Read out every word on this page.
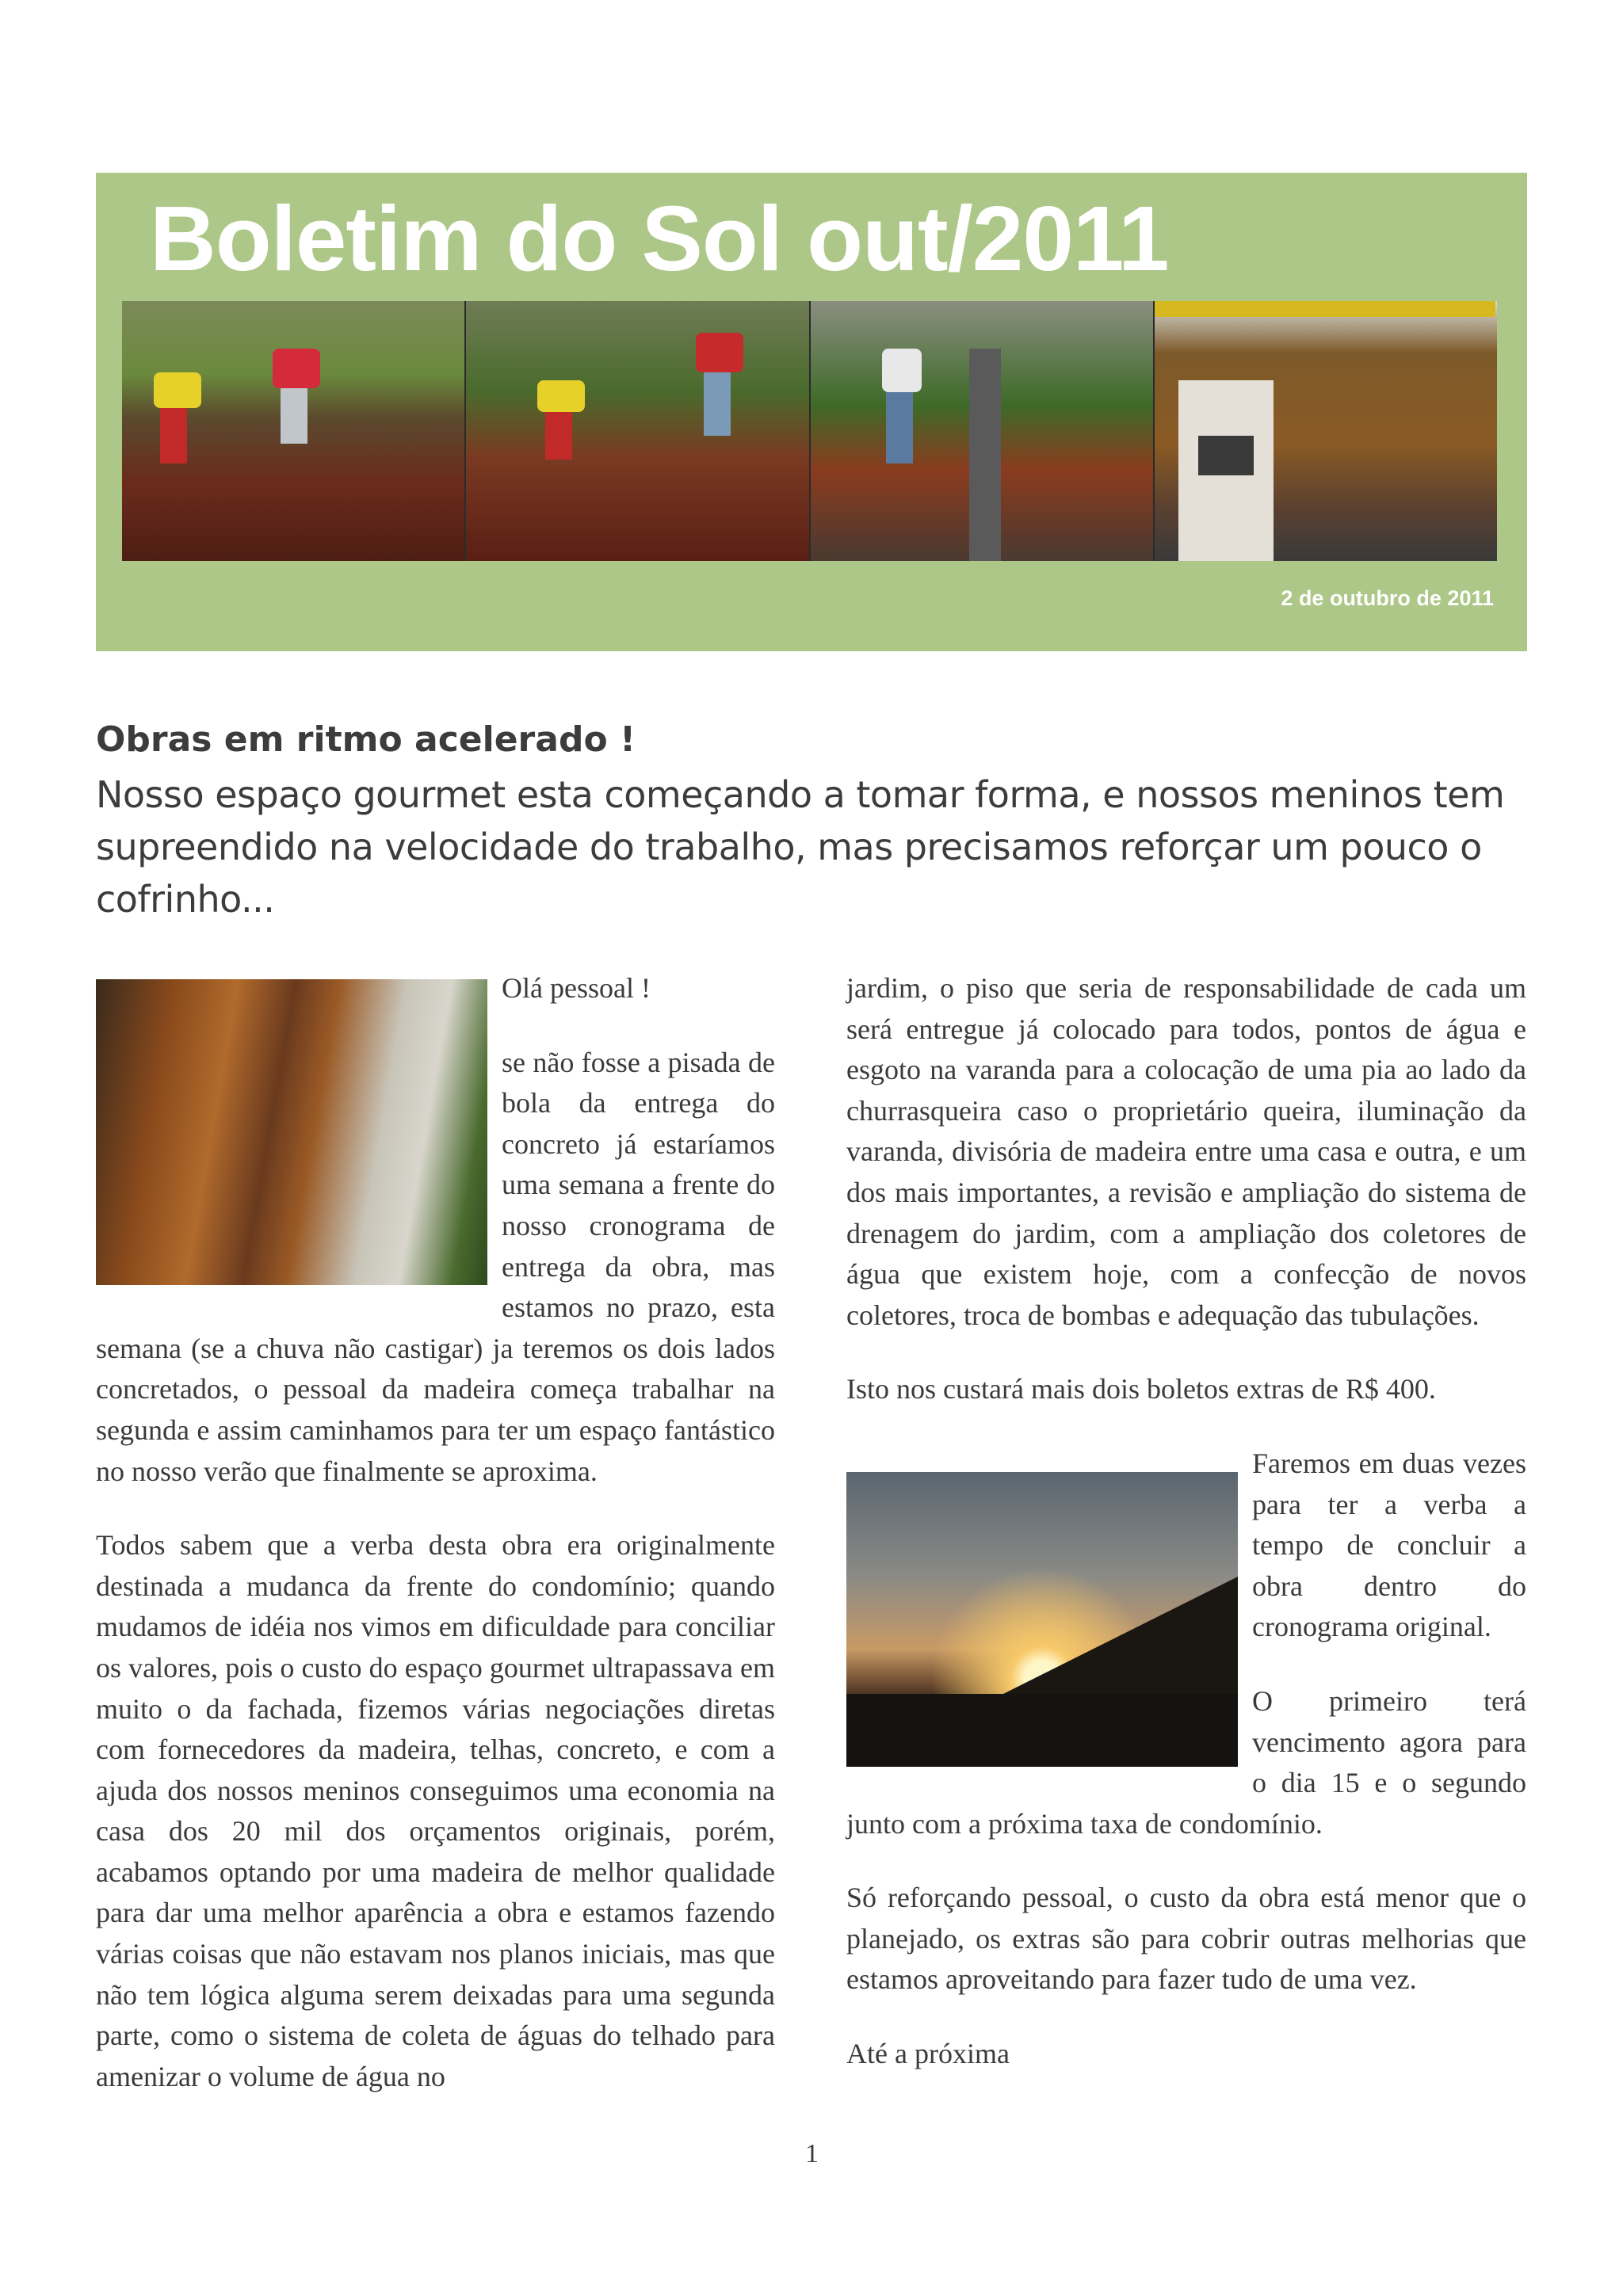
Boletim do Sol out/2011

2 de outubro de 2011

Obras em ritmo acelerado !

Nosso espaço gourmet esta começando a tomar forma, e nossos meninos tem supreendido na velocidade do trabalho, mas precisamos reforçar um pouco o cofrinho...

Olá pessoal !

se não fosse a pisada de bola da entrega do concreto já estaríamos uma semana a frente do nosso cronograma de entrega da obra, mas estamos no prazo, esta semana (se a chuva não castigar) ja teremos os dois lados concretados, o pessoal da madeira começa trabalhar na segunda e assim caminhamos para ter um espaço fantástico no nosso verão que finalmente se aproxima.

Todos sabem que a verba desta obra era originalmente destinada a mudanca da frente do condomínio; quando mudamos de idéia nos vimos em dificuldade para conciliar os valores, pois o custo do espaço gourmet ultrapassava em muito o da fachada, fizemos várias negociações diretas com fornecedores da madeira, telhas, concreto, e com a ajuda dos nossos meninos conseguimos uma economia na casa dos 20 mil dos orçamentos originais, porém, acabamos optando por uma madeira de melhor qualidade para dar uma melhor aparência a obra e estamos fazendo várias coisas que não estavam nos planos iniciais, mas que não tem lógica alguma serem deixadas para uma segunda parte, como o sistema de coleta de águas do telhado para amenizar o volume de água no

jardim, o piso que seria de responsabilidade de cada um será entregue já colocado para todos, pontos de água e esgoto na varanda para a colocação de uma pia ao lado da churrasqueira caso o proprietário queira, iluminação da varanda, divisória de madeira entre uma casa e outra, e um dos mais importantes, a revisão e ampliação do sistema de drenagem do jardim, com a ampliação dos coletores de água que existem hoje, com a confecção de novos coletores, troca de bombas e adequação das tubulações.

Isto nos custará mais dois boletos extras de R$ 400.

Faremos em duas vezes para ter a verba a tempo de concluir a obra dentro do cronograma original.

O primeiro terá vencimento agora para o dia 15 e o segundo junto com a próxima taxa de condomínio.

Só reforçando pessoal, o custo da obra está menor que o planejado, os extras são para cobrir outras melhorias que estamos aproveitando para fazer tudo de uma vez.

Até a próxima

1
